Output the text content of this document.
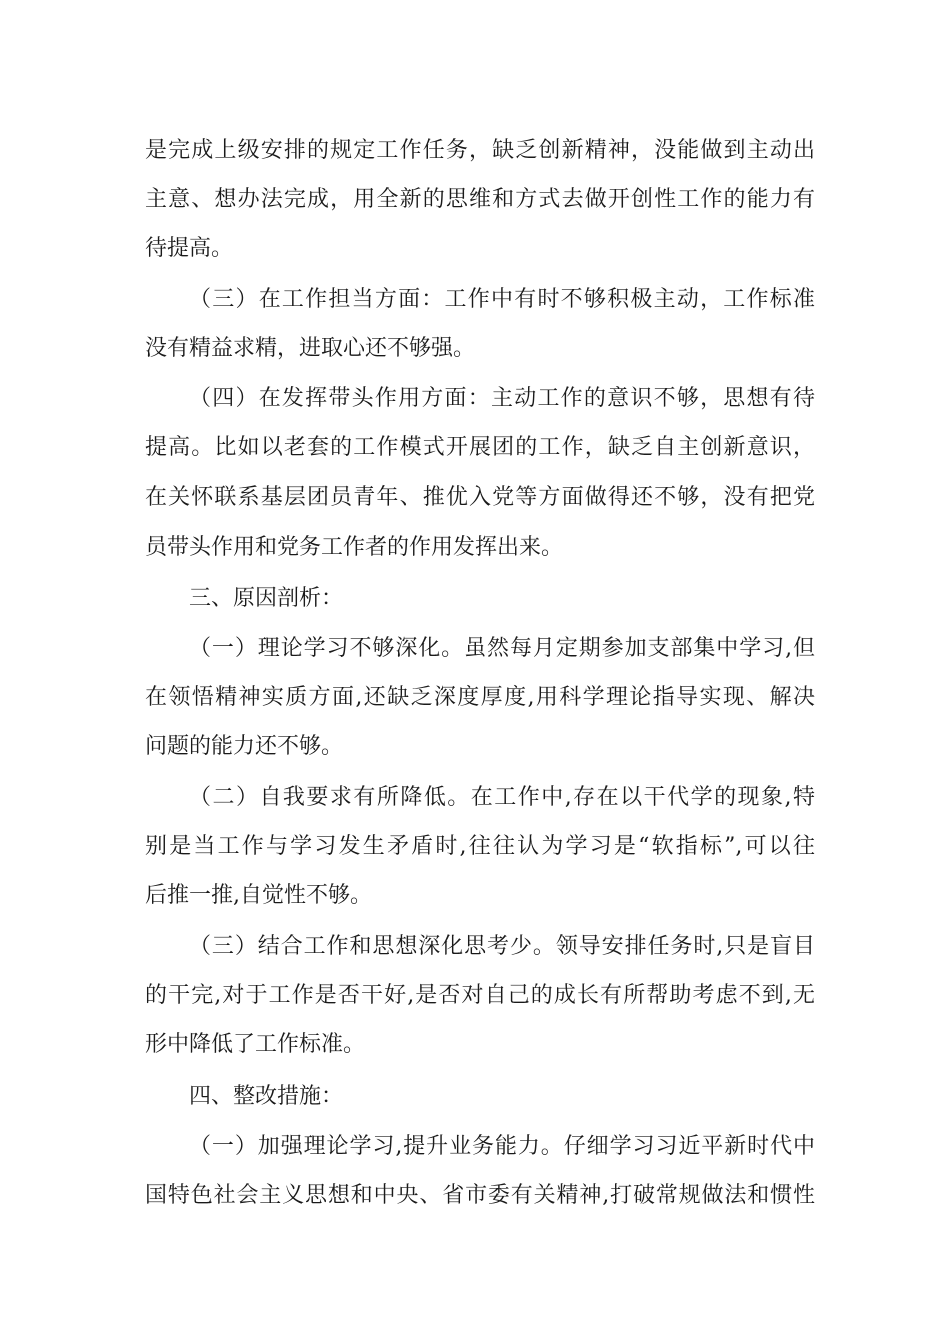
是完成上级安排的规定工作任务，缺乏创新精神，没能做到主动出
主意、想办法完成，用全新的思维和方式去做开创性工作的能力有
待提高。
（三）在工作担当方面：工作中有时不够积极主动，工作标准
没有精益求精，进取心还不够强。
（四）在发挥带头作用方面：主动工作的意识不够，思想有待
提高。比如以老套的工作模式开展团的工作，缺乏自主创新意识，
在关怀联系基层团员青年、推优入党等方面做得还不够，没有把党
员带头作用和党务工作者的作用发挥出来。
三、原因剖析：
（一）理论学习不够深化。虽然每月定期参加支部集中学习,但
在领悟精神实质方面,还缺乏深度厚度,用科学理论指导实现、解决
问题的能力还不够。
（二）自我要求有所降低。在工作中,存在以干代学的现象,特
别是当工作与学习发生矛盾时,往往认为学习是“软指标”,可以往
后推一推,自觉性不够。
（三）结合工作和思想深化思考少。领导安排任务时,只是盲目
的干完,对于工作是否干好,是否对自己的成长有所帮助考虑不到,无
形中降低了工作标准。
四、整改措施：
（一）加强理论学习,提升业务能力。仔细学习习近平新时代中
国特色社会主义思想和中央、省市委有关精神,打破常规做法和惯性
